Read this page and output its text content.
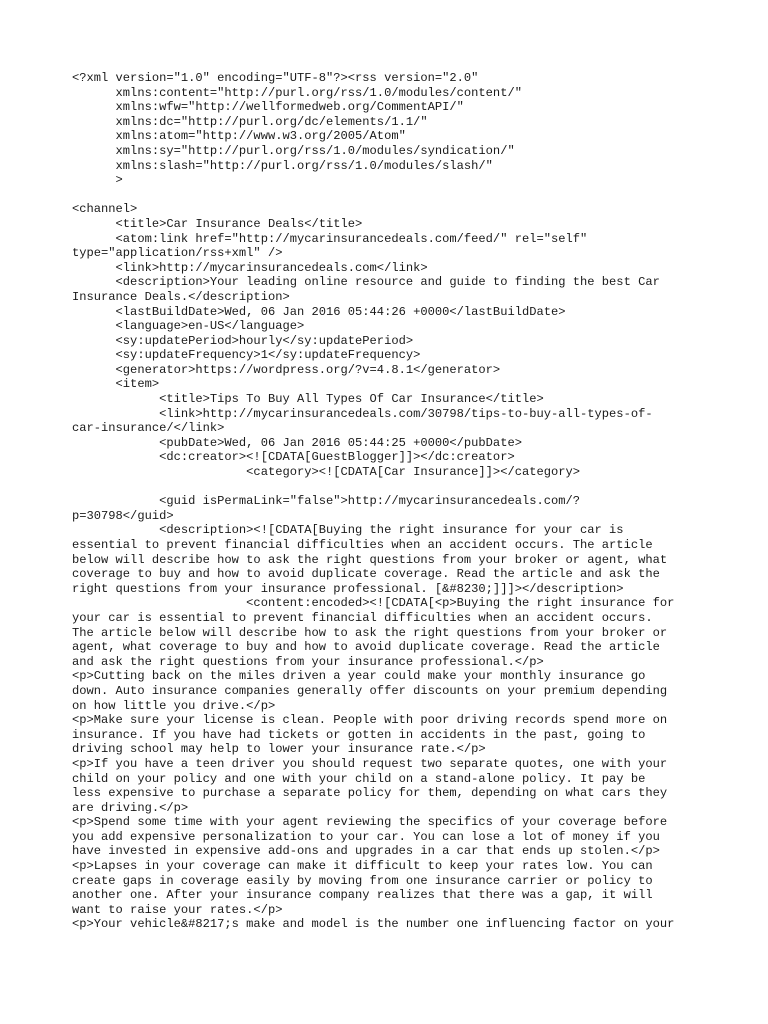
<?xml version="1.0" encoding="UTF-8"?><rss version="2.0"
xmlns:content="http://purl.org/rss/1.0/modules/content/"
xmlns:wfw="http://wellformedweb.org/CommentAPI/"
xmlns:dc="http://purl.org/dc/elements/1.1/"
xmlns:atom="http://www.w3.org/2005/Atom"
xmlns:sy="http://purl.org/rss/1.0/modules/syndication/"
xmlns:slash="http://purl.org/rss/1.0/modules/slash/"
>
<channel>
<title>Car Insurance Deals</title>
<atom:link href="http://mycarinsurancedeals.com/feed/" rel="self"
type="application/rss+xml" />
<link>http://mycarinsurancedeals.com</link>
<description>Your leading online resource and guide to finding the best Car
Insurance Deals.</description>
<lastBuildDate>Wed, 06 Jan 2016 05:44:26 +0000</lastBuildDate>
<language>en-US</language>
<sy:updatePeriod>hourly</sy:updatePeriod>
<sy:updateFrequency>1</sy:updateFrequency>
<generator>https://wordpress.org/?v=4.8.1</generator>
<item>
<title>Tips To Buy All Types Of Car Insurance</title>
<link>http://mycarinsurancedeals.com/30798/tips-to-buy-all-types-of-
car-insurance/</link>
<pubDate>Wed, 06 Jan 2016 05:44:25 +0000</pubDate>
<dc:creator><![CDATA[GuestBlogger]]></dc:creator>
<category><![CDATA[Car Insurance]]></category>
<guid isPermaLink="false">http://mycarinsurancedeals.com/?
p=30798</guid>
<description><![CDATA[Buying the right insurance for your car is
essential to prevent financial difficulties when an accident occurs. The article
below will describe how to ask the right questions from your broker or agent, what
coverage to buy and how to avoid duplicate coverage. Read the article and ask the
right questions from your insurance professional. [&#8230;]]]></description>
<content:encoded><![CDATA[<p>Buying the right insurance for
your car is essential to prevent financial difficulties when an accident occurs.
The article below will describe how to ask the right questions from your broker or
agent, what coverage to buy and how to avoid duplicate coverage. Read the article
and ask the right questions from your insurance professional.</p>
<p>Cutting back on the miles driven a year could make your monthly insurance go
down. Auto insurance companies generally offer discounts on your premium depending
on how little you drive.</p>
<p>Make sure your license is clean. People with poor driving records spend more on
insurance. If you have had tickets or gotten in accidents in the past, going to
driving school may help to lower your insurance rate.</p>
<p>If you have a teen driver you should request two separate quotes, one with your
child on your policy and one with your child on a stand-alone policy. It pay be
less expensive to purchase a separate policy for them, depending on what cars they
are driving.</p>
<p>Spend some time with your agent reviewing the specifics of your coverage before
you add expensive personalization to your car. You can lose a lot of money if you
have invested in expensive add-ons and upgrades in a car that ends up stolen.</p>
<p>Lapses in your coverage can make it difficult to keep your rates low. You can
create gaps in coverage easily by moving from one insurance carrier or policy to
another one. After your insurance company realizes that there was a gap, it will
want to raise your rates.</p>
<p>Your vehicle&#8217;s make and model is the number one influencing factor on your
